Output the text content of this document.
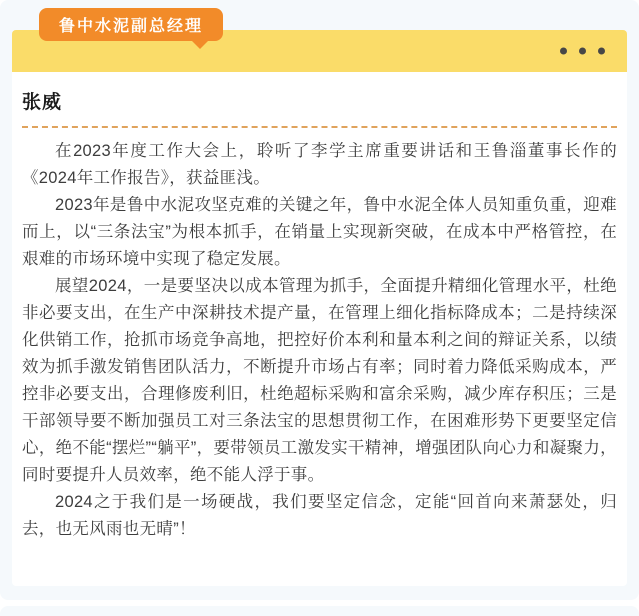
鲁中水泥副总经理
张威

在2023年度工作大会上，聆听了李学主席重要讲话和王鲁淄董事长作的《2024年工作报告》，获益匪浅。

2023年是鲁中水泥攻坚克难的关键之年，鲁中水泥全体人员知重负重，迎难而上，以“三条法宝”为根本抓手，在销量上实现新突破，在成本中严格管控，在艰难的市场环境中实现了稳定发展。

展望2024，一是要坚决以成本管理为抓手，全面提升精细化管理水平，杜绝非必要支出，在生产中深耕技术提产量，在管理上细化指标降成本；二是持续深化供销工作，抢抓市场竞争高地，把控好价本利和量本利之间的辩证关系，以绩效为抓手激发销售团队活力，不断提升市场占有率；同时着力降低采购成本，严控非必要支出，合理修废利旧，杜绝超标采购和富余采购，减少库存积压；三是干部领导要不断加强员工对三条法宝的思想贯彻工作，在困难形势下更要坚定信心，绝不能“摆烂”“躺平”，要带领员工激发实干精神，增强团队向心力和凝聚力，同时要提升人员效率，绝不能人浮于事。

2024之于我们是一场硬战，我们要坚定信念，定能“回首向来萧瑟处，归去，也无风雨也无晴”！
